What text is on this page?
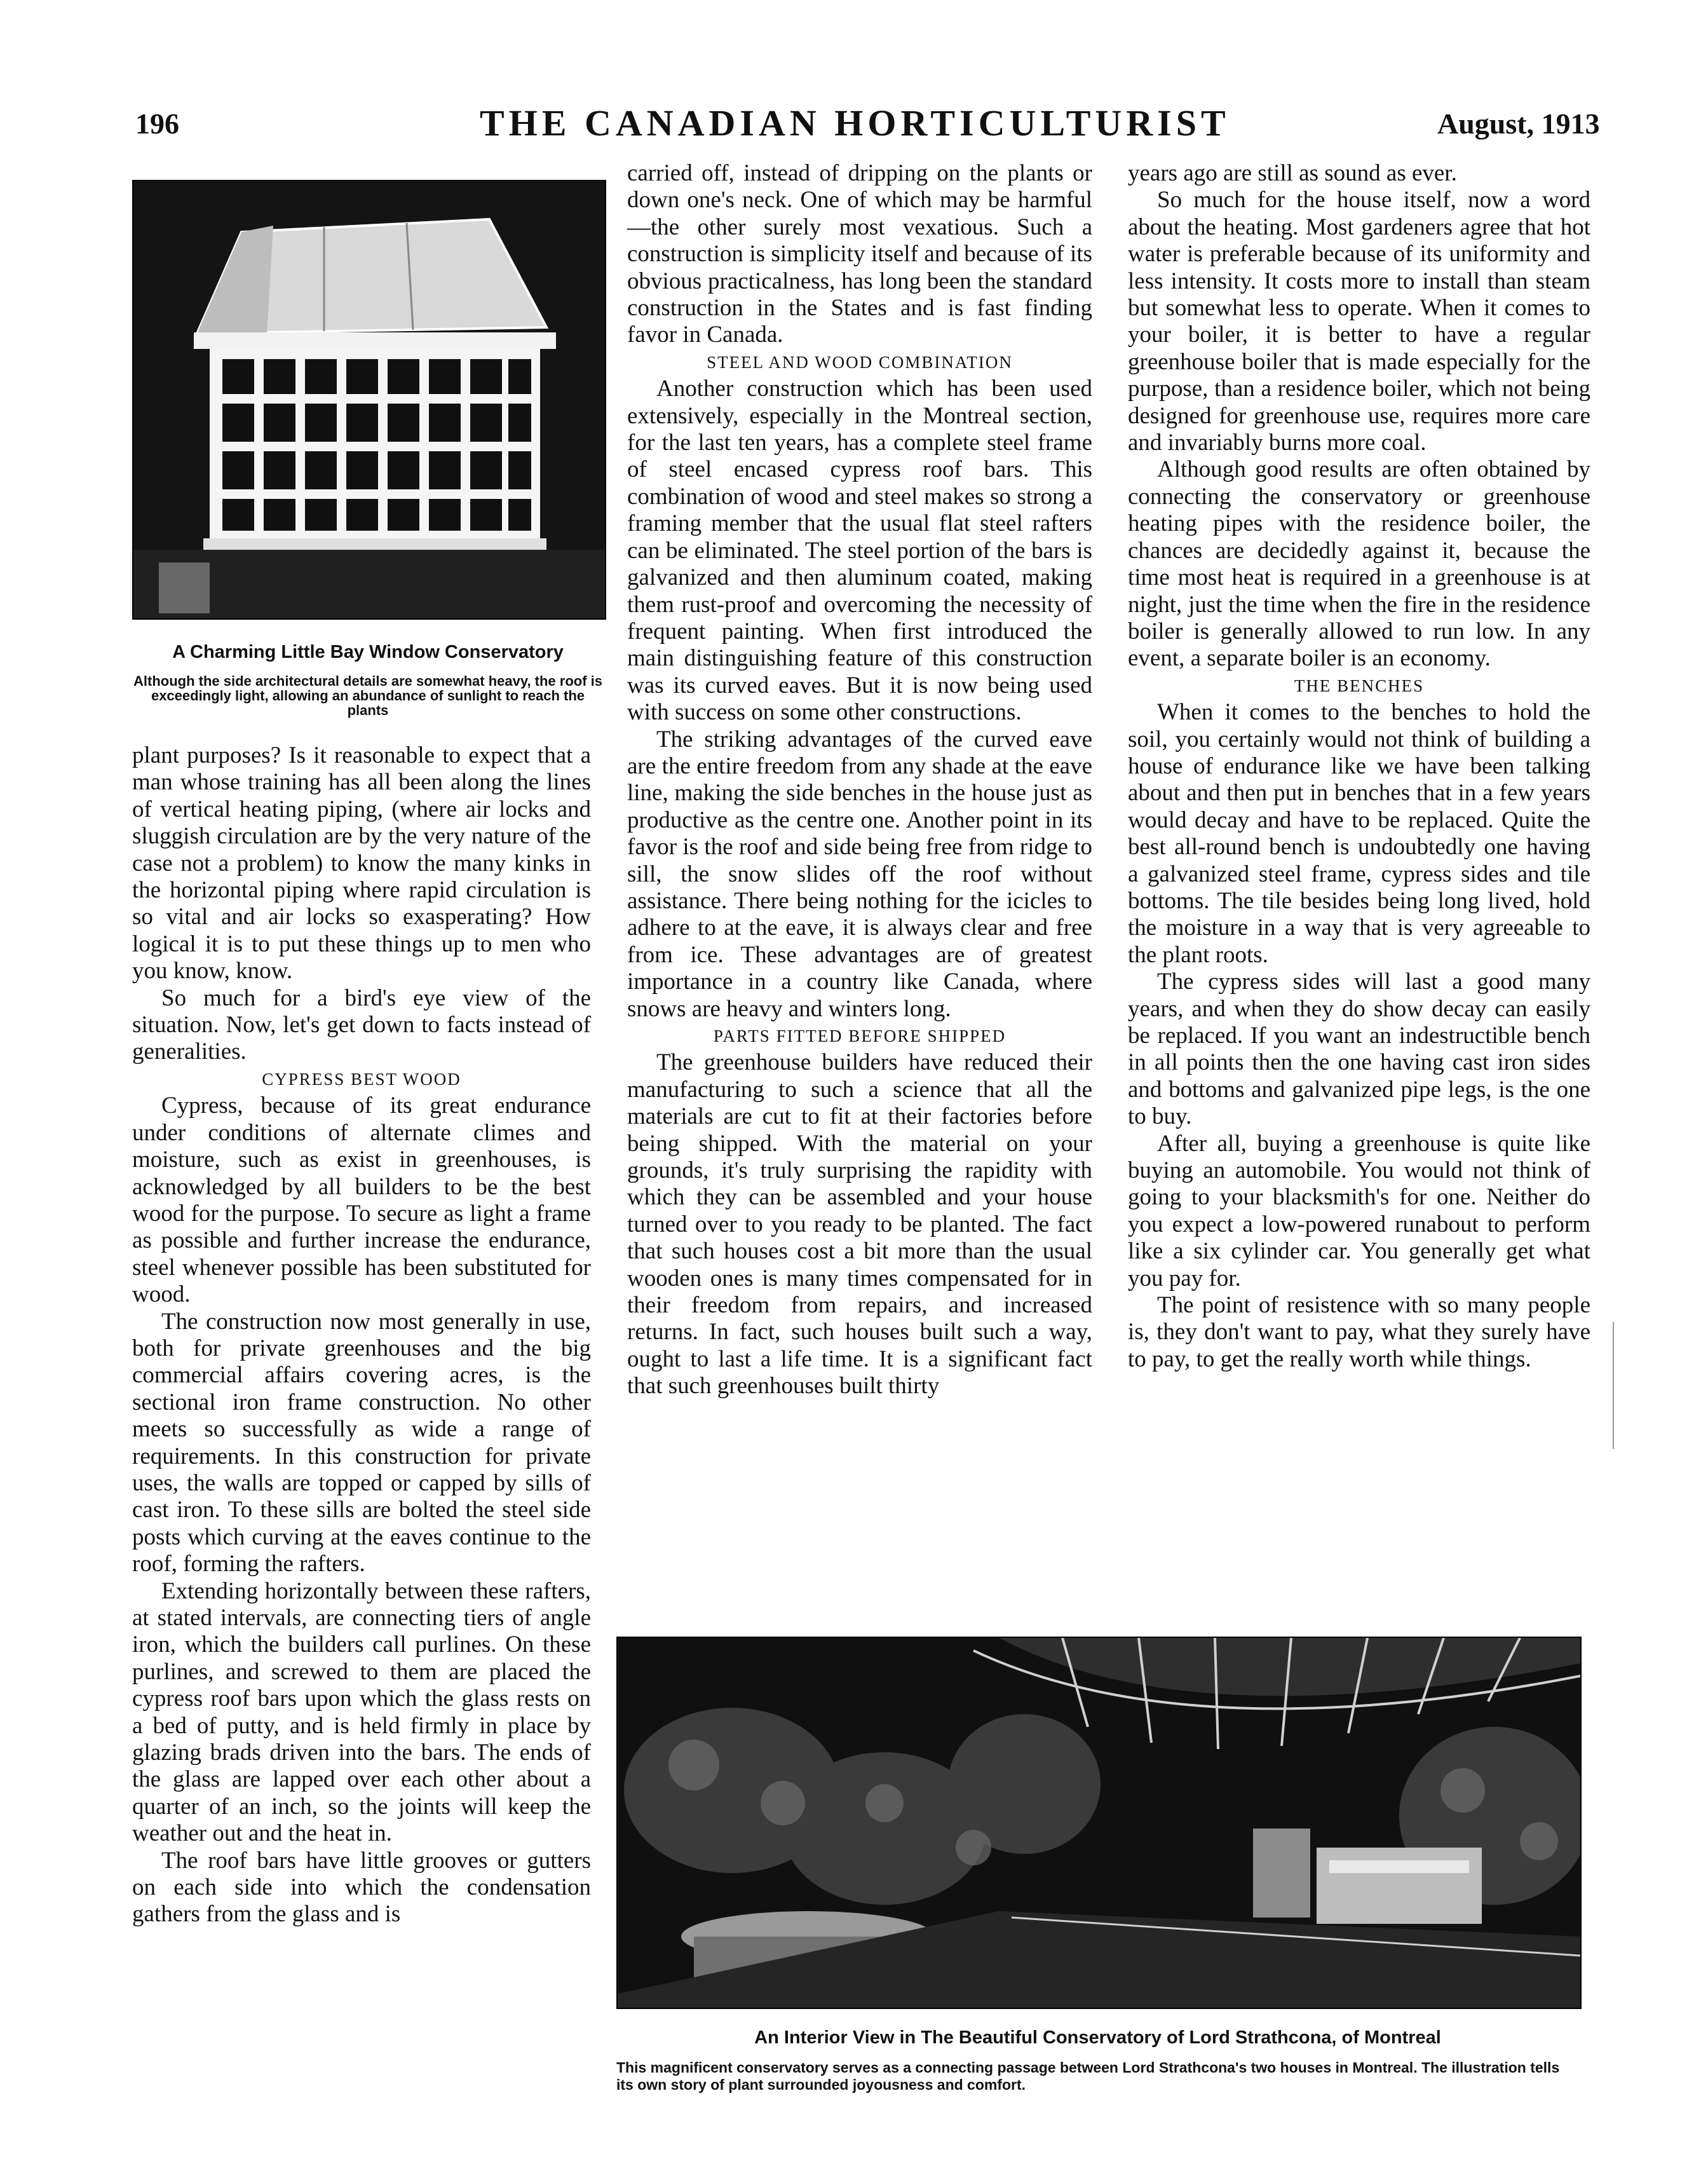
196	THE CANADIAN HORTICULTURIST	August, 1913
A Charming Little Bay Window Conservatory
Although the side architectural details are somewhat heavy, the roof is exceedingly light, allowing an abundance of sunlight to reach the plants

plant purposes? Is it reasonable to expect that a man whose training has all been along the lines of vertical heating piping, (where air locks and sluggish circulation are by the very nature of the case not a problem) to know the many kinks in the horizontal piping where rapid circulation is so vital and air locks so exasperating? How logical it is to put these things up to men who you know, know.

So much for a bird's eye view of the situation. Now, let's get down to facts instead of generalities.

CYPRESS BEST WOOD

Cypress, because of its great endurance under conditions of alternate climes and moisture, such as exist in greenhouses, is acknowledged by all builders to be the best wood for the purpose. To secure as light a frame as possible and further increase the endurance, steel whenever possible has been substituted for wood.

The construction now most generally in use, both for private greenhouses and the big commercial affairs covering acres, is the sectional iron frame construction. No other meets so successfully as wide a range of requirements. In this construction for private uses, the walls are topped or capped by sills of cast iron. To these sills are bolted the steel side posts which curving at the eaves continue to the roof, forming the rafters.

Extending horizontally between these rafters, at stated intervals, are connecting tiers of angle iron, which the builders call purlines. On these purlines, and screwed to them are placed the cypress roof bars upon which the glass rests on a bed of putty, and is held firmly in place by glazing brads driven into the bars. The ends of the glass are lapped over each other about a quarter of an inch, so the joints will keep the weather out and the heat in.

The roof bars have little grooves or gutters on each side into which the condensation gathers from the glass and is

carried off, instead of dripping on the plants or down one's neck. One of which may be harmful—the other surely most vexatious. Such a construction is simplicity itself and because of its obvious practicalness, has long been the standard construction in the States and is fast finding favor in Canada.

STEEL AND WOOD COMBINATION

Another construction which has been used extensively, especially in the Montreal section, for the last ten years, has a complete steel frame of steel encased cypress roof bars. This combination of wood and steel makes so strong a framing member that the usual flat steel rafters can be eliminated. The steel portion of the bars is galvanized and then aluminum coated, making them rust-proof and overcoming the necessity of frequent painting. When first introduced the main distinguishing feature of this construction was its curved eaves. But it is now being used with success on some other constructions.

The striking advantages of the curved eave are the entire freedom from any shade at the eave line, making the side benches in the house just as productive as the centre one. Another point in its favor is the roof and side being free from ridge to sill, the snow slides off the roof without assistance. There being nothing for the icicles to adhere to at the eave, it is always clear and free from ice. These advantages are of greatest importance in a country like Canada, where snows are heavy and winters long.

PARTS FITTED BEFORE SHIPPED

The greenhouse builders have reduced their manufacturing to such a science that all the materials are cut to fit at their factories before being shipped. With the material on your grounds, it's truly surprising the rapidity with which they can be assembled and your house turned over to you ready to be planted. The fact that such houses cost a bit more than the usual wooden ones is many times compensated for in their freedom from repairs, and increased returns. In fact, such houses built such a way, ought to last a life time. It is a significant fact that such greenhouses built thirty

years ago are still as sound as ever.

So much for the house itself, now a word about the heating. Most gardeners agree that hot water is preferable because of its uniformity and less intensity. It costs more to install than steam but somewhat less to operate. When it comes to your boiler, it is better to have a regular greenhouse boiler that is made especially for the purpose, than a residence boiler, which not being designed for greenhouse use, requires more care and invariably burns more coal.

Although good results are often obtained by connecting the conservatory or greenhouse heating pipes with the residence boiler, the chances are decidedly against it, because the time most heat is required in a greenhouse is at night, just the time when the fire in the residence boiler is generally allowed to run low. In any event, a separate boiler is an economy.

THE BENCHES

When it comes to the benches to hold the soil, you certainly would not think of building a house of endurance like we have been talking about and then put in benches that in a few years would decay and have to be replaced. Quite the best all-round bench is undoubtedly one having a galvanized steel frame, cypress sides and tile bottoms. The tile besides being long lived, hold the moisture in a way that is very agreeable to the plant roots.

The cypress sides will last a good many years, and when they do show decay can easily be replaced. If you want an indestructible bench in all points then the one having cast iron sides and bottoms and galvanized pipe legs, is the one to buy.

After all, buying a greenhouse is quite like buying an automobile. You would not think of going to your blacksmith's for one. Neither do you expect a low-powered runabout to perform like a six cylinder car. You generally get what you pay for.

The point of resistence with so many people is, they don't want to pay, what they surely have to pay, to get the really worth while things.

An Interior View in The Beautiful Conservatory of Lord Strathcona, of Montreal
This magnificent conservatory serves as a connecting passage between Lord Strathcona's two houses in Montreal. The illustration tells its own story of plant surrounded joyousness and comfort.
